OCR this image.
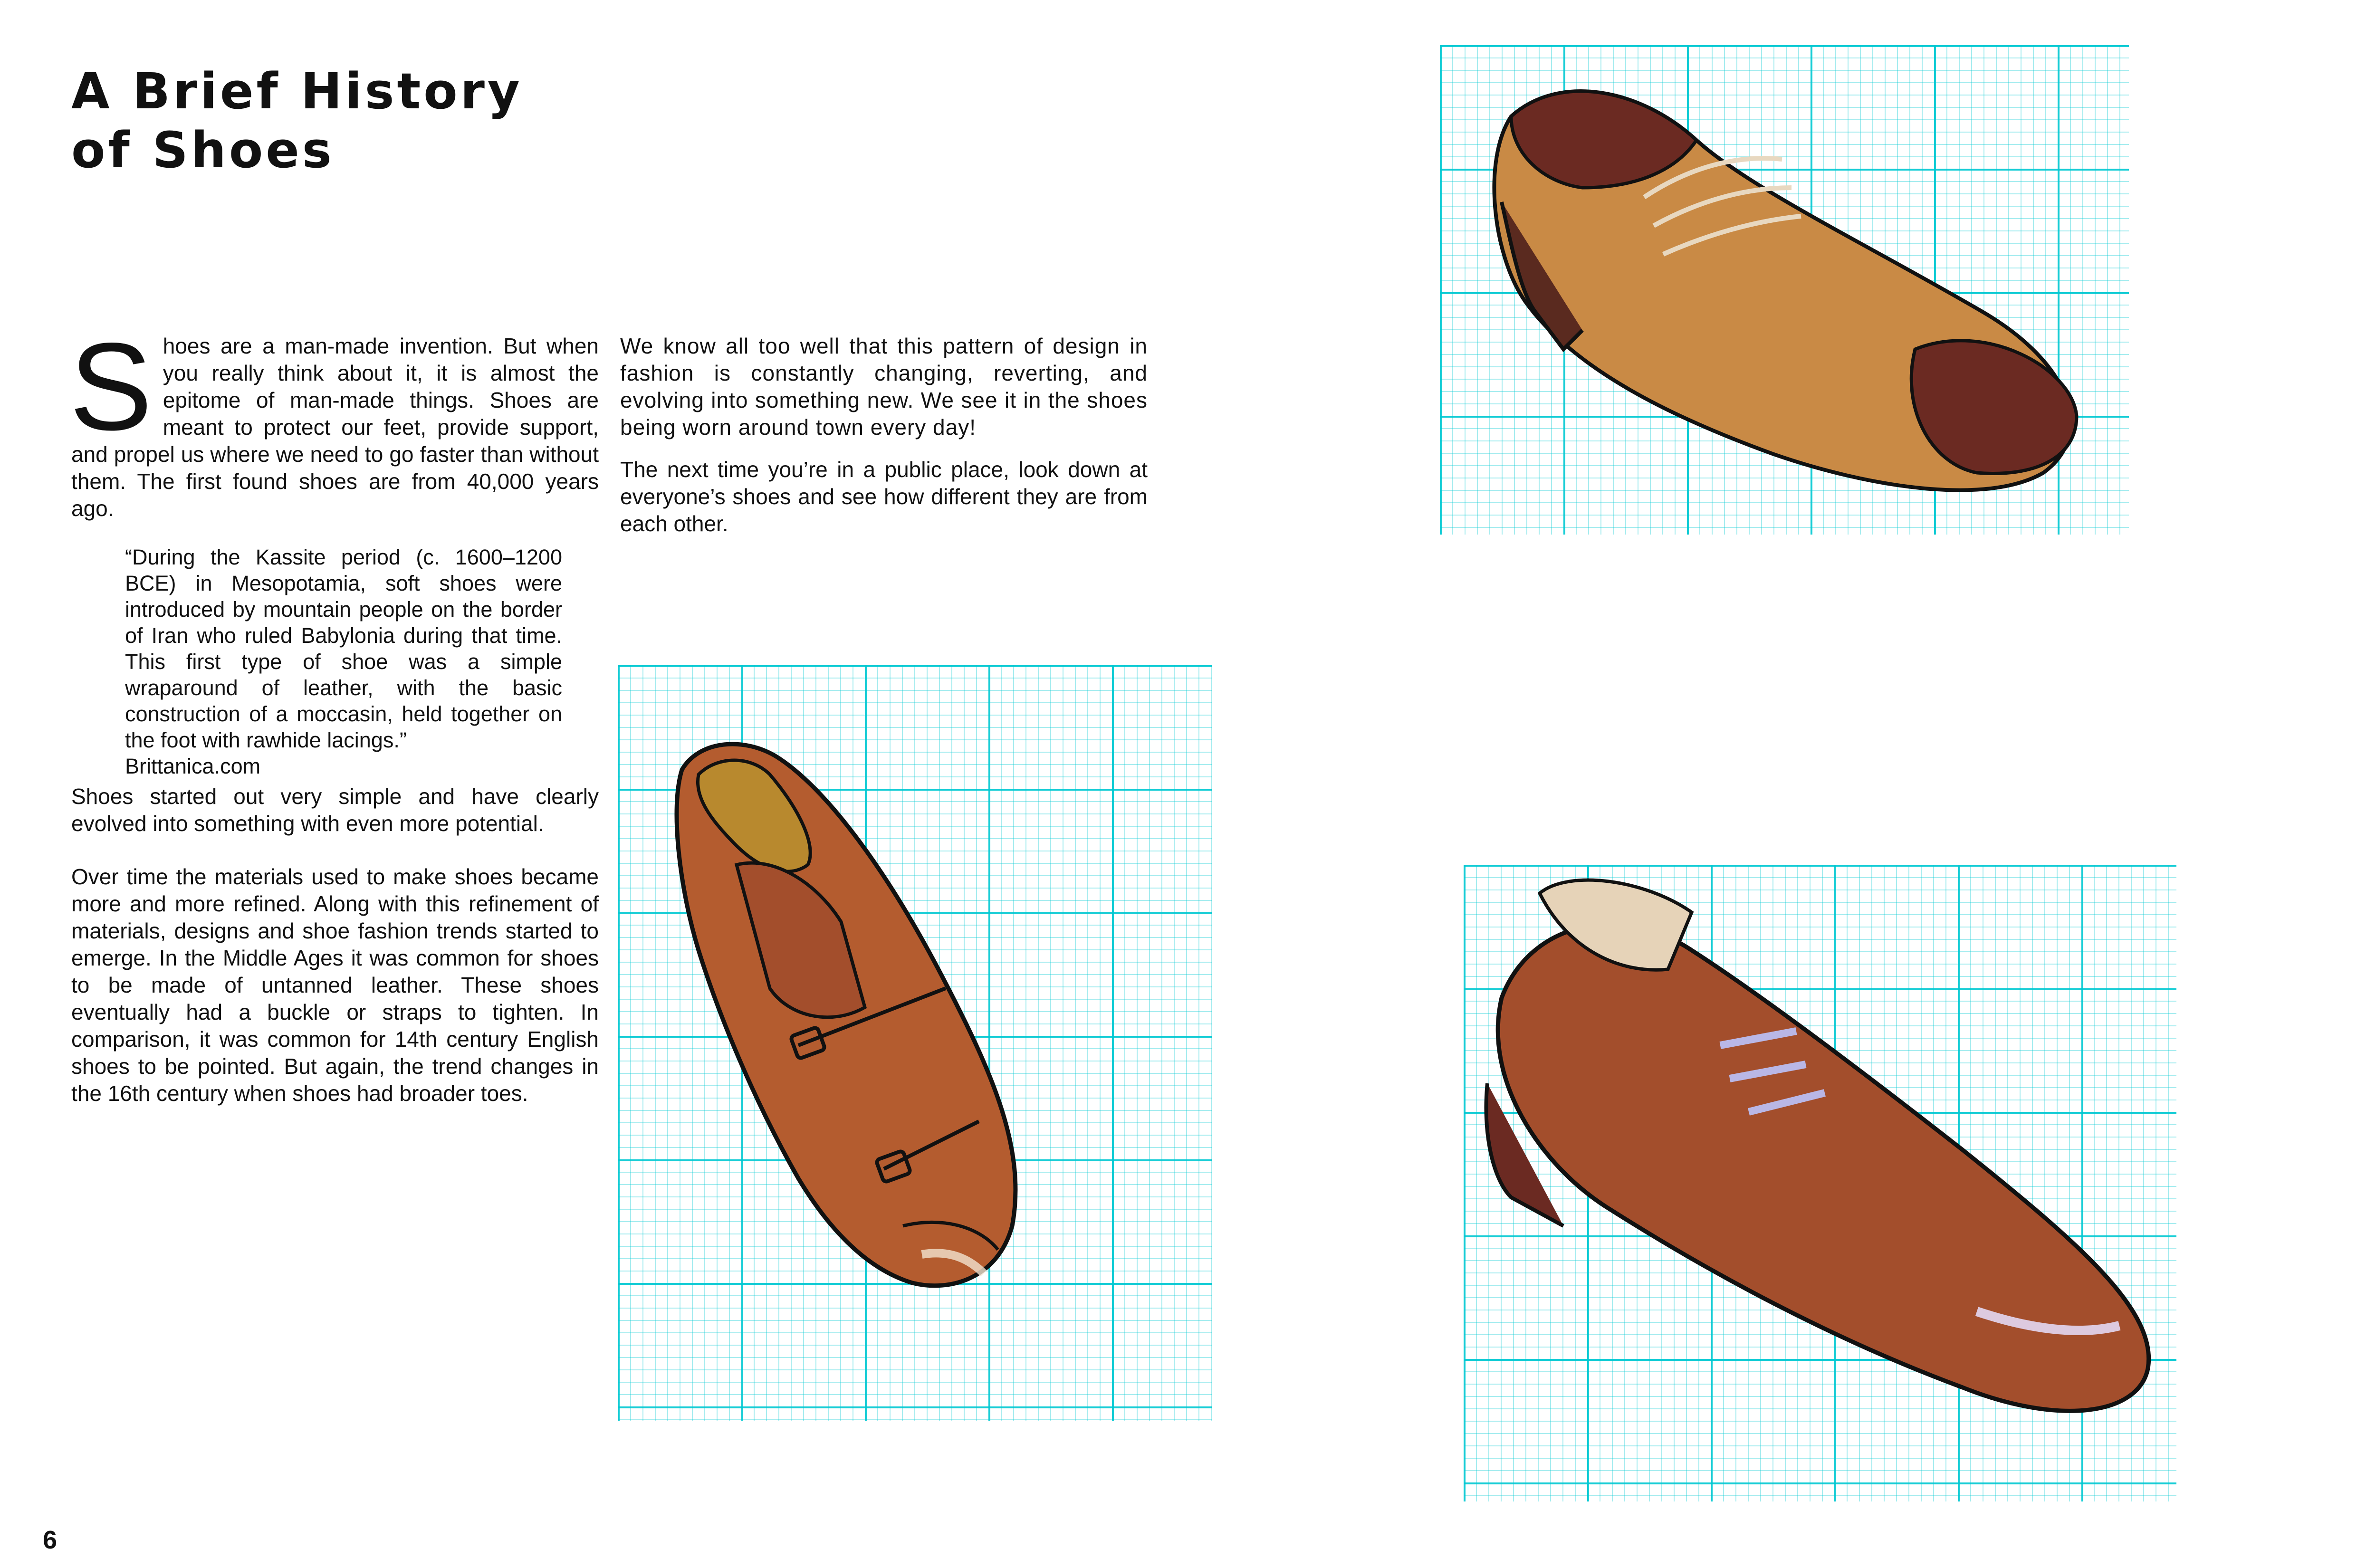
A Brief History
of Shoes

Shoes are a man-made invention. But when you really think about it, it is almost the epitome of man-made things. Shoes are meant to protect our feet, provide support, and propel us where we need to go faster than without them. The first found shoes are from 40,000 years ago.

“During the Kassite period (c. 1600–1200 BCE) in Mesopotamia, soft shoes were introduced by mountain people on the border of Iran who ruled Babylonia during that time. This first type of shoe was a simple wraparound of leather, with the basic construction of a moccasin, held together on the foot with rawhide lacings.”
Brittanica.com

Shoes started out very simple and have clearly evolved into something with even more potential.

Over time the materials used to make shoes became more and more refined. Along with this refinement of materials, designs and shoe fashion trends started to emerge. In the Middle Ages it was common for shoes to be made of untanned leather. These shoes eventually had a buckle or straps to tighten. In comparison, it was common for 14th century English shoes to be pointed. But again, the trend changes in the 16th century when shoes had broader toes.

We know all too well that this pattern of design in fashion is constantly changing, reverting, and evolving into something new. We see it in the shoes being worn around town every day!

The next time you’re in a public place, look down at everyone’s shoes and see how different they are from each other.

6
